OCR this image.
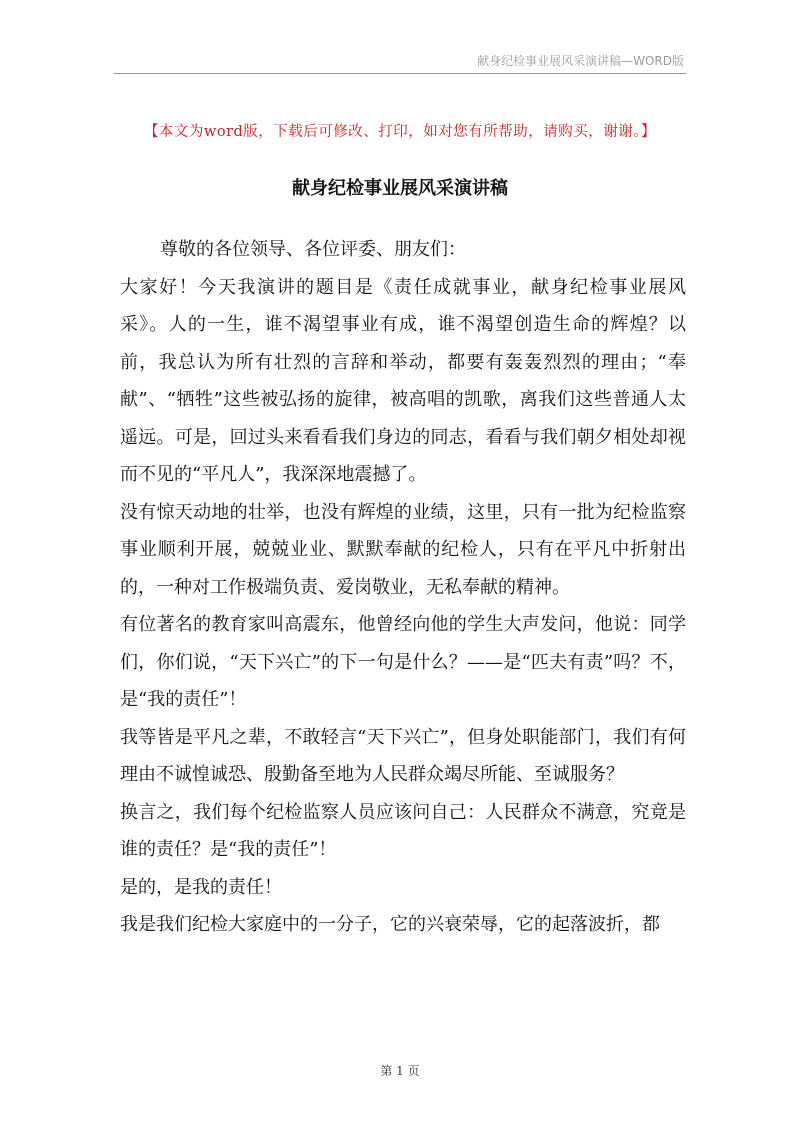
献身纪检事业展风采演讲稿—WORD版
【本文为word版，下载后可修改、打印，如对您有所帮助，请购买，谢谢。】
献身纪检事业展风采演讲稿

尊敬的各位领导、各位评委、朋友们：

大家好！今天我演讲的题目是《责任成就事业，献身纪检事业展风采》。人的一生，谁不渴望事业有成，谁不渴望创造生命的辉煌？以前，我总认为所有壮烈的言辞和举动，都要有轰轰烈烈的理由；“奉献”、“牺牲”这些被弘扬的旋律，被高唱的凯歌，离我们这些普通人太遥远。可是，回过头来看看我们身边的同志，看看与我们朝夕相处却视而不见的“平凡人”，我深深地震撼了。

没有惊天动地的壮举，也没有辉煌的业绩，这里，只有一批为纪检监察事业顺利开展，兢兢业业、默默奉献的纪检人，只有在平凡中折射出的，一种对工作极端负责、爱岗敬业，无私奉献的精神。

有位著名的教育家叫高震东，他曾经向他的学生大声发问，他说：同学们，你们说，“天下兴亡”的下一句是什么？——是“匹夫有责”吗？不，是“我的责任”！

我等皆是平凡之辈，不敢轻言“天下兴亡”，但身处职能部门，我们有何理由不诚惶诚恐、殷勤备至地为人民群众竭尽所能、至诚服务？

换言之，我们每个纪检监察人员应该问自己：人民群众不满意，究竟是谁的责任？是“我的责任”！

是的，是我的责任！

我是我们纪检大家庭中的一分子，它的兴衰荣辱，它的起落波折，都

第 1 页
